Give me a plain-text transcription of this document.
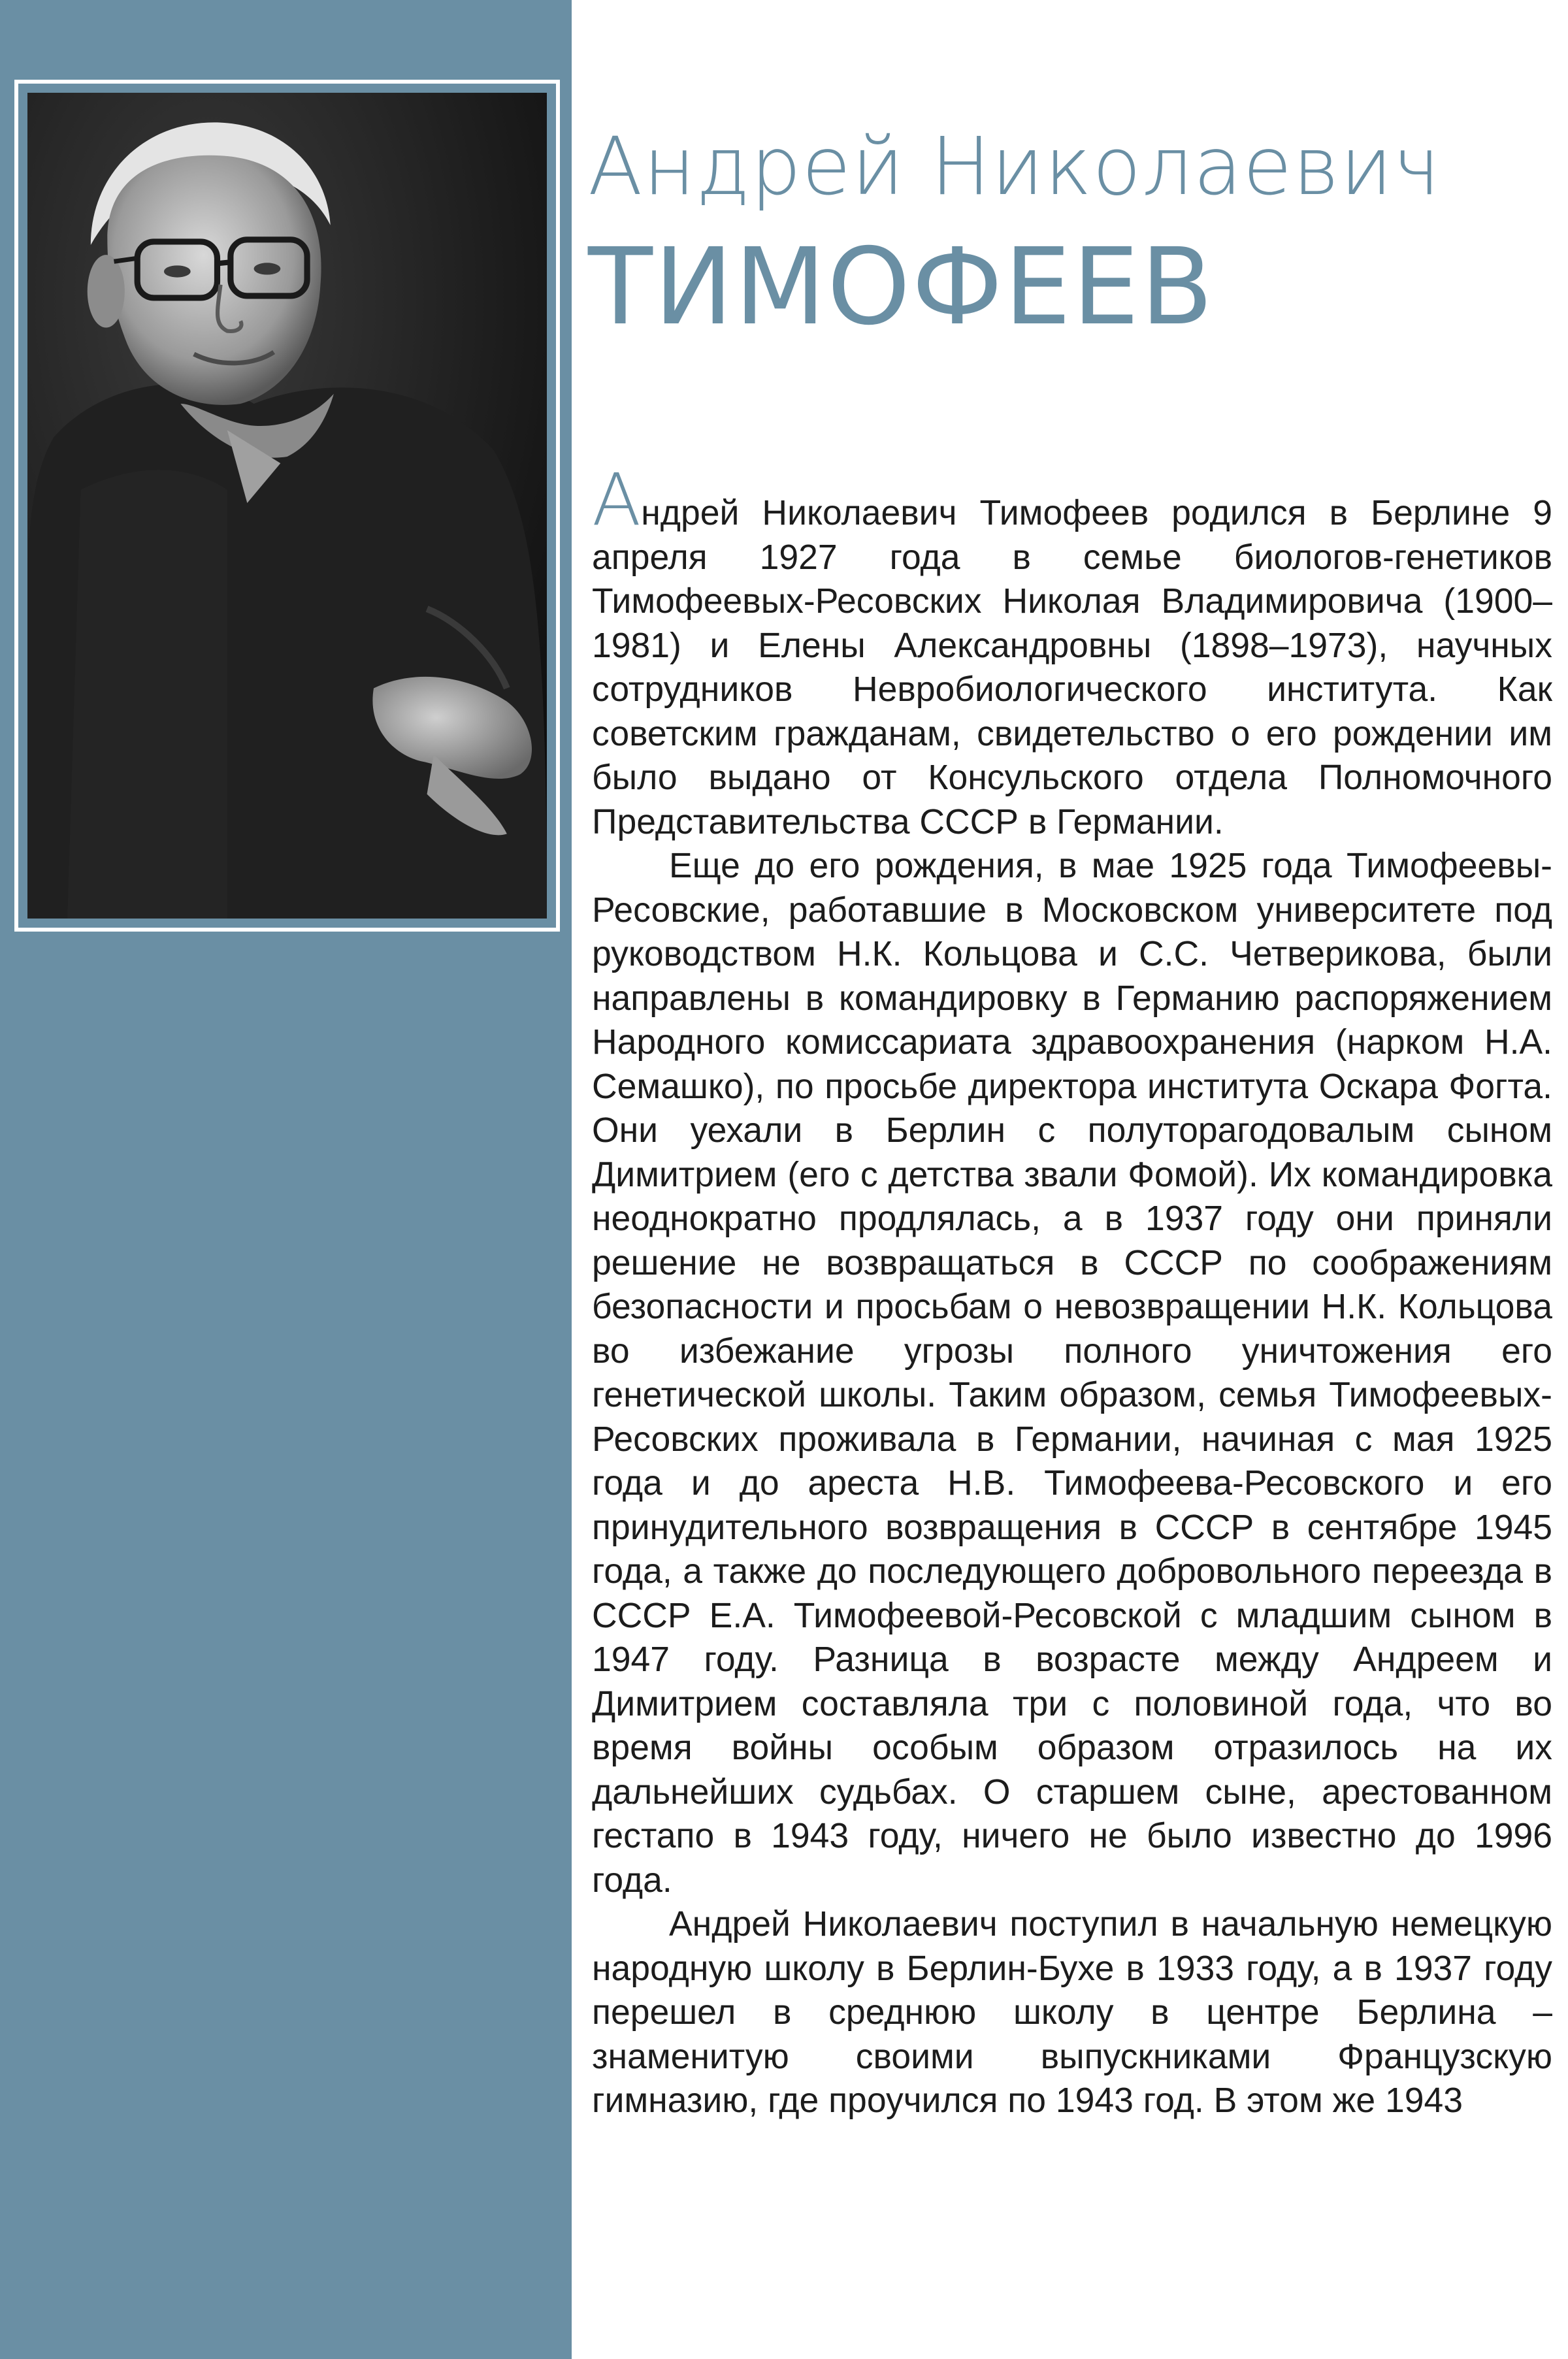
Андрей Николаевич
ТИМОФЕЕВ

Андрей Николаевич Тимофеев родился в Берлине 9 апреля 1927 года в семье биологов-генетиков Тимофеевых-Ресовских Николая Владимировича (1900–1981) и Елены Александровны (1898–1973), научных сотрудников Невробиологического института. Как советским гражданам, свидетельство о его рождении им было выдано от Консульского отдела Полномочного Представительства СССР в Германии.

Еще до его рождения, в мае 1925 года Тимофеевы-Ресовские, работавшие в Московском университете под руководством Н.К. Кольцова и С.С. Четверикова, были направлены в командировку в Германию распоряжением Народного комиссариата здравоохранения (нарком Н.А. Семашко), по просьбе директора института Оскара Фогта. Они уехали в Берлин с полуторагодовалым сыном Димитрием (его с детства звали Фомой). Их командировка неоднократно продлялась, а в 1937 году они приняли решение не возвращаться в СССР по соображениям безопасности и просьбам о невозвращении Н.К. Кольцова во избежание угрозы полного уничтожения его генетической школы. Таким образом, семья Тимофеевых-Ресовских проживала в Германии, начиная с мая 1925 года и до ареста Н.В. Тимофеева-Ресовского и его принудительного возвращения в СССР в сентябре 1945 года, а также до последующего добровольного переезда в СССР Е.А. Тимофеевой-Ресовской с младшим сыном в 1947 году. Разница в возрасте между Андреем и Димитрием составляла три с половиной года, что во время войны особым образом отразилось на их дальнейших судьбах. О старшем сыне, арестованном гестапо в 1943 году, ничего не было известно до 1996 года.

Андрей Николаевич поступил в начальную немецкую народную школу в Берлин-Бухе в 1933 году, а в 1937 году перешел в среднюю школу в центре Берлина – знаменитую своими выпускниками Французскую гимназию, где проучился по 1943 год. В этом же 1943
